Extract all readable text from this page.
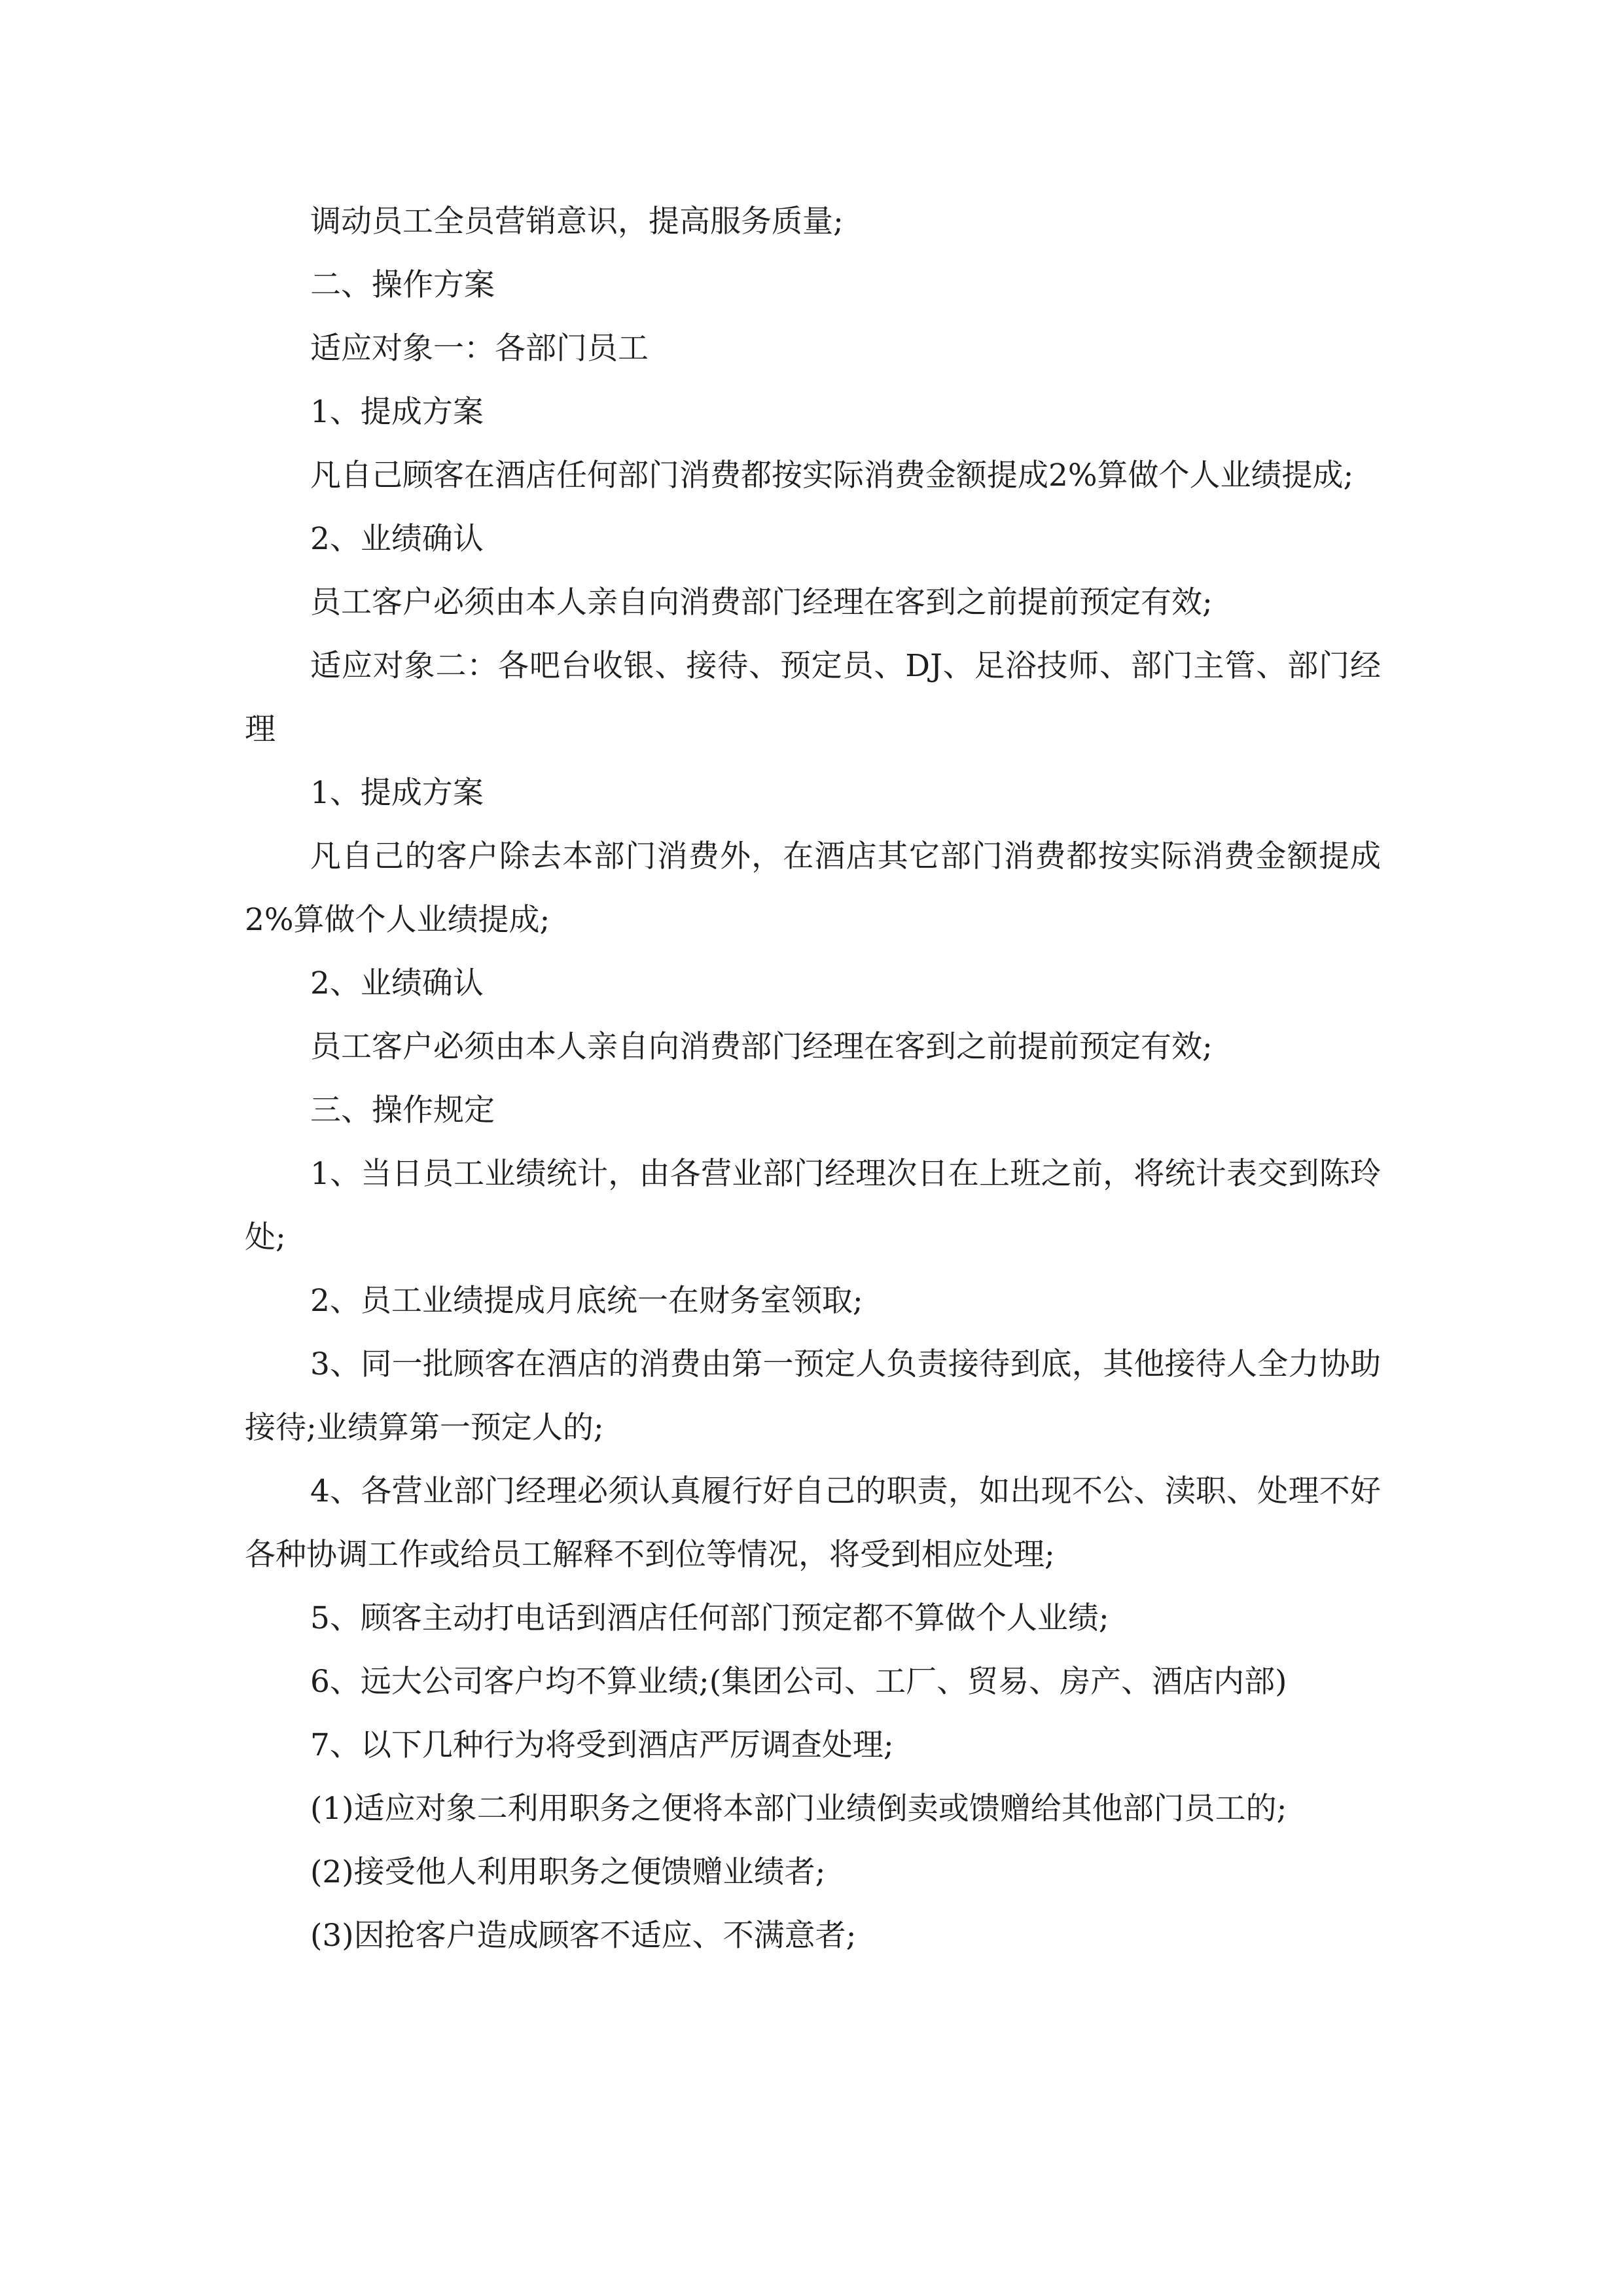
调动员工全员营销意识，提高服务质量;

二、操作方案

适应对象一：各部门员工

1、提成方案

凡自己顾客在酒店任何部门消费都按实际消费金额提成2%算做个人业绩提成;

2、业绩确认

员工客户必须由本人亲自向消费部门经理在客到之前提前预定有效;

适应对象二：各吧台收银、接待、预定员、DJ、足浴技师、部门主管、部门经理

1、提成方案

凡自己的客户除去本部门消费外，在酒店其它部门消费都按实际消费金额提成2%算做个人业绩提成;

2、业绩确认

员工客户必须由本人亲自向消费部门经理在客到之前提前预定有效;

三、操作规定

1、当日员工业绩统计，由各营业部门经理次日在上班之前，将统计表交到陈玲处;

2、员工业绩提成月底统一在财务室领取;

3、同一批顾客在酒店的消费由第一预定人负责接待到底，其他接待人全力协助接待;业绩算第一预定人的;

4、各营业部门经理必须认真履行好自己的职责，如出现不公、渎职、处理不好各种协调工作或给员工解释不到位等情况，将受到相应处理;

5、顾客主动打电话到酒店任何部门预定都不算做个人业绩;

6、远大公司客户均不算业绩;(集团公司、工厂、贸易、房产、酒店内部)

7、以下几种行为将受到酒店严厉调查处理;

(1)适应对象二利用职务之便将本部门业绩倒卖或馈赠给其他部门员工的;

(2)接受他人利用职务之便馈赠业绩者;

(3)因抢客户造成顾客不适应、不满意者;
